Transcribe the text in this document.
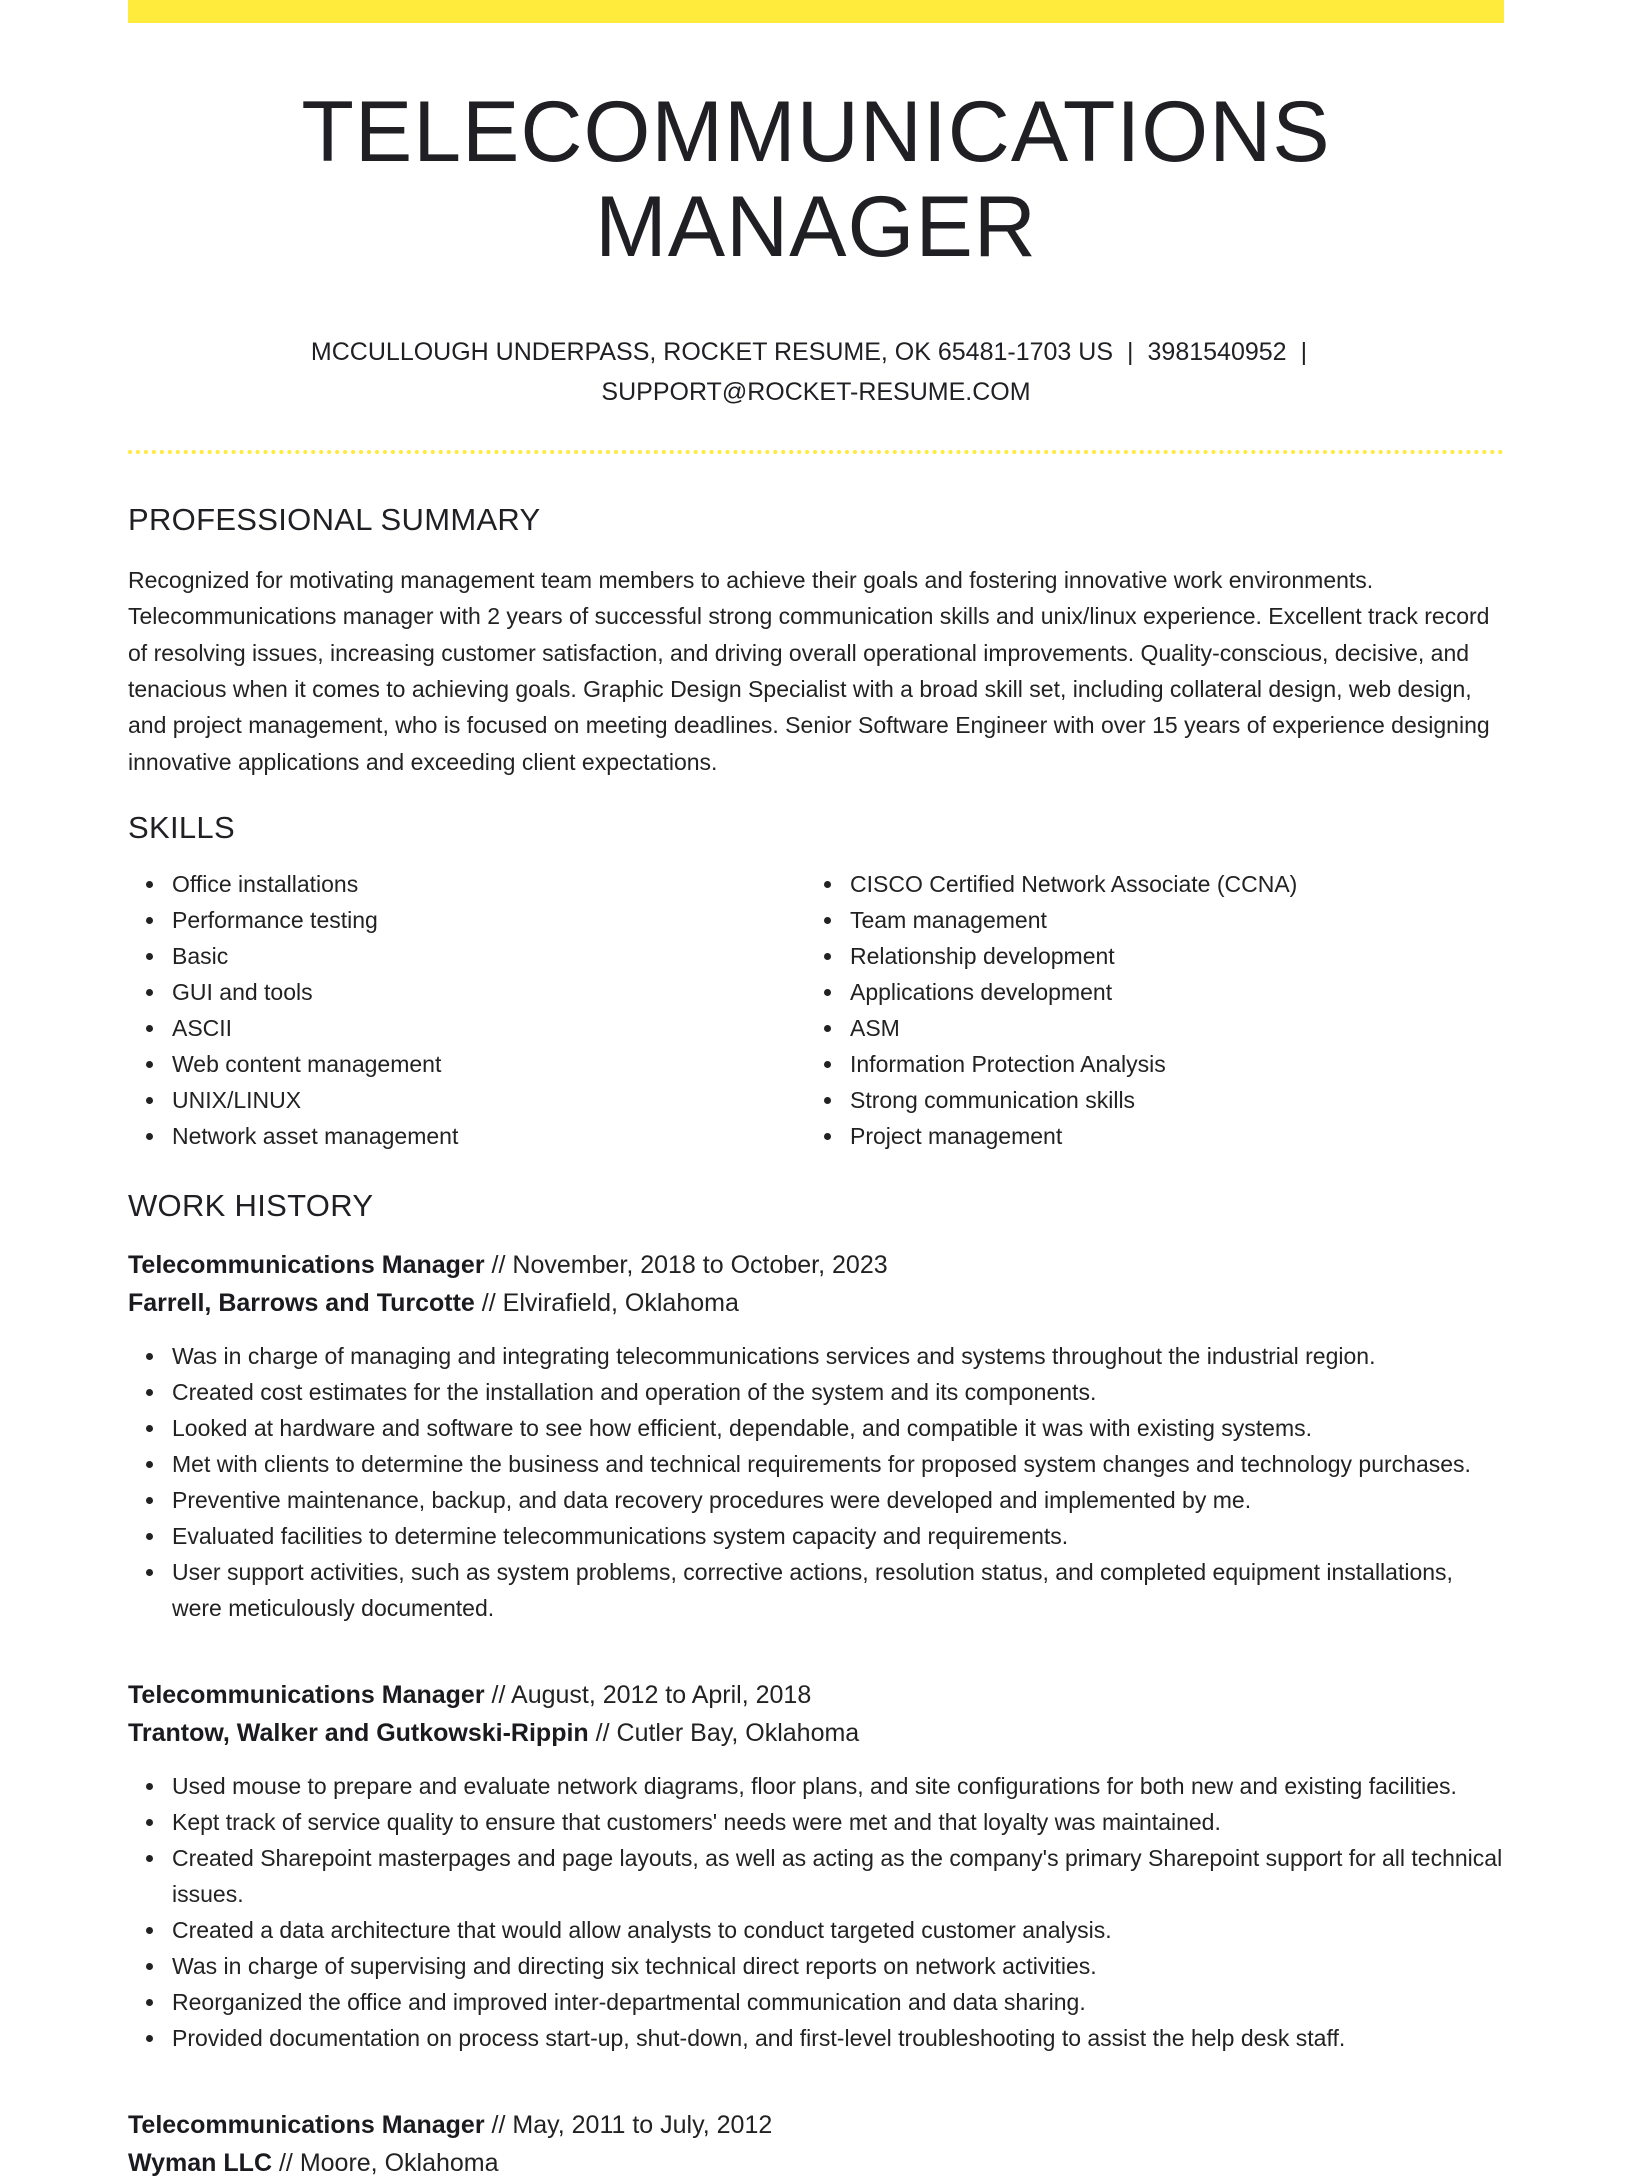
TELECOMMUNICATIONS MANAGER
MCCULLOUGH UNDERPASS, ROCKET RESUME, OK 65481-1703 US | 3981540952 |
SUPPORT@ROCKET-RESUME.COM
PROFESSIONAL SUMMARY

Recognized for motivating management team members to achieve their goals and fostering innovative work environments. Telecommunications manager with 2 years of successful strong communication skills and unix/linux experience. Excellent track record of resolving issues, increasing customer satisfaction, and driving overall operational improvements. Quality-conscious, decisive, and tenacious when it comes to achieving goals. Graphic Design Specialist with a broad skill set, including collateral design, web design, and project management, who is focused on meeting deadlines. Senior Software Engineer with over 15 years of experience designing innovative applications and exceeding client expectations.

SKILLS
Office installations
Performance testing
Basic
GUI and tools
ASCII
Web content management
UNIX/LINUX
Network asset management
CISCO Certified Network Associate (CCNA)
Team management
Relationship development
Applications development
ASM
Information Protection Analysis
Strong communication skills
Project management
WORK HISTORY
Telecommunications Manager // November, 2018 to October, 2023
Farrell, Barrows and Turcotte // Elvirafield, Oklahoma
Was in charge of managing and integrating telecommunications services and systems throughout the industrial region.
Created cost estimates for the installation and operation of the system and its components.
Looked at hardware and software to see how efficient, dependable, and compatible it was with existing systems.
Met with clients to determine the business and technical requirements for proposed system changes and technology purchases.
Preventive maintenance, backup, and data recovery procedures were developed and implemented by me.
Evaluated facilities to determine telecommunications system capacity and requirements.
User support activities, such as system problems, corrective actions, resolution status, and completed equipment installations, were meticulously documented.
Telecommunications Manager // August, 2012 to April, 2018
Trantow, Walker and Gutkowski-Rippin // Cutler Bay, Oklahoma
Used mouse to prepare and evaluate network diagrams, floor plans, and site configurations for both new and existing facilities.
Kept track of service quality to ensure that customers' needs were met and that loyalty was maintained.
Created Sharepoint masterpages and page layouts, as well as acting as the company's primary Sharepoint support for all technical issues.
Created a data architecture that would allow analysts to conduct targeted customer analysis.
Was in charge of supervising and directing six technical direct reports on network activities.
Reorganized the office and improved inter-departmental communication and data sharing.
Provided documentation on process start-up, shut-down, and first-level troubleshooting to assist the help desk staff.
Telecommunications Manager // May, 2011 to July, 2012
Wyman LLC // Moore, Oklahoma
